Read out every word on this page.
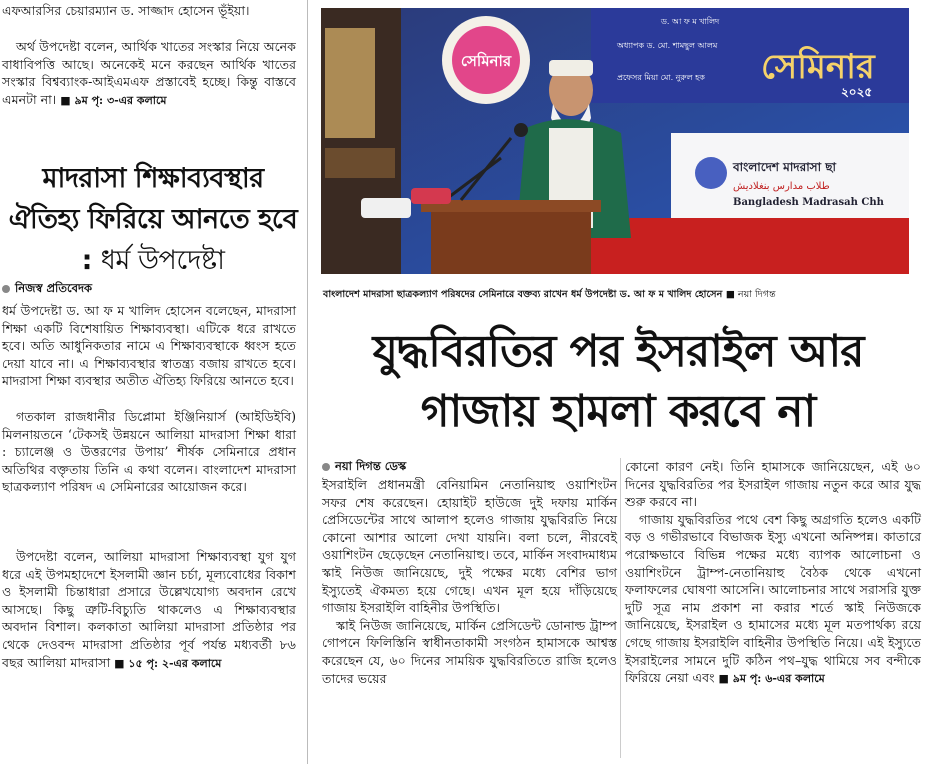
এফআরসির চেয়ারম্যান ড. সাজ্জাদ হোসেন ভূঁইয়া।

অর্থ উপদেষ্টা বলেন, আর্থিক খাতের সংস্কার নিয়ে অনেক বাধাবিপত্তি আছে। অনেকেই মনে করছেন আর্থিক খাতের সংস্কার বিশ্বব্যাংক-আইএমএফ প্রস্তাবেই হচ্ছে। কিন্তু বাস্তবে এমনটা না। ■ ৯ম পৃ: ৩-এর কলামে

মাদরাসা শিক্ষাব্যবস্থার ঐতিহ্য ফিরিয়ে আনতে হবে : ধর্ম উপদেষ্টা
নিজস্ব প্রতিবেদক

ধর্ম উপদেষ্টা ড. আ ফ ম খালিদ হোসেন বলেছেন, মাদরাসা শিক্ষা একটি বিশেষায়িত শিক্ষাব্যবস্থা। এটিকে ধরে রাখতে হবে। অতি আধুনিকতার নামে এ শিক্ষাব্যবস্থাকে ধ্বংস হতে দেয়া যাবে না। এ শিক্ষাব্যবস্থার স্বাতন্ত্র্য বজায় রাখতে হবে। মাদরাসা শিক্ষা ব্যবস্থার অতীত ঐতিহ্য ফিরিয়ে আনতে হবে।

গতকাল রাজধানীর ডিপ্লোমা ইঞ্জিনিয়ার্স (আইডিইবি) মিলনায়তনে ‘টেকসই উন্নয়নে আলিয়া মাদরাসা শিক্ষা ধারা : চ্যালেঞ্জ ও উত্তরণের উপায়’ শীর্ষক সেমিনারে প্রধান অতিথির বক্তৃতায় তিনি এ কথা বলেন। বাংলাদেশ মাদরাসা ছাত্রকল্যাণ পরিষদ এ সেমিনারের আয়োজন করে।

উপদেষ্টা বলেন, আলিয়া মাদরাসা শিক্ষাব্যবস্থা যুগ যুগ ধরে এই উপমহাদেশে ইসলামী জ্ঞান চর্চা, মূল্যবোধের বিকাশ ও ইসলামী চিন্তাধারা প্রসারে উল্লেখযোগ্য অবদান রেখে আসছে। কিছু ত্রুটি-বিচ্যুতি থাকলেও এ শিক্ষাব্যবস্থার অবদান বিশাল। কলকাতা আলিয়া মাদরাসা প্রতিষ্ঠার পর থেকে দেওবন্দ মাদরাসা প্রতিষ্ঠার পূর্ব পর্যন্ত মধ্যবর্তী ৮৬ বছর আলিয়া মাদরাসা ■ ১৫ পৃ: ২-এর কলামে

সেমিনার
ড. আ ফ ম খালিদ
অধ্যাপক ড. মো. শামছুল আলম
প্রফেসর মিয়া মো. নুরুল হক সেমিনার
২০২৫
বাংলাদেশ মাদরাসা ছা
طلاب مدارس بنغلاديش
Bangladesh Madrasah Chh
বাংলাদেশ মাদরাসা ছাত্রকল্যাণ পরিষদের সেমিনারে বক্তব্য রাখেন ধর্ম উপদেষ্টা ড. আ ফ ম খালিদ হোসেন ■ নয়া দিগন্ত
যুদ্ধবিরতির পর ইসরাইল আর গাজায় হামলা করবে না
নয়া দিগন্ত ডেস্ক

ইসরাইলি প্রধানমন্ত্রী বেনিয়ামিন নেতানিয়াহু ওয়াশিংটন সফর শেষ করেছেন। হোয়াইট হাউজে দুই দফায় মার্কিন প্রেসিডেন্টের সাথে আলাপ হলেও গাজায় যুদ্ধবিরতি নিয়ে কোনো আশার আলো দেখা যায়নি। বলা চলে, নীরবেই ওয়াশিংটন ছেড়েছেন নেতানিয়াহু। তবে, মার্কিন সংবাদমাধ্যম স্কাই নিউজ জানিয়েছে, দুই পক্ষের মধ্যে বেশির ভাগ ইস্যুতেই ঐকমত্য হয়ে গেছে। এখন মূল হয়ে দাঁড়িয়েছে গাজায় ইসরাইলি বাহিনীর উপস্থিতি।

স্কাই নিউজ জানিয়েছে, মার্কিন প্রেসিডেন্ট ডোনাল্ড ট্রাম্প গোপনে ফিলিস্তিনি স্বাধীনতাকামী সংগঠন হামাসকে আশ্বস্ত করেছেন যে, ৬০ দিনের সাময়িক যুদ্ধবিরতিতে রাজি হলেও তাদের ভয়ের

কোনো কারণ নেই। তিনি হামাসকে জানিয়েছেন, এই ৬০ দিনের যুদ্ধবিরতির পর ইসরাইল গাজায় নতুন করে আর যুদ্ধ শুরু করবে না।

গাজায় যুদ্ধবিরতির পথে বেশ কিছু অগ্রগতি হলেও একটি বড় ও গভীরভাবে বিভাজক ইস্যু এখনো অনিষ্পন্ন। কাতারে পরোক্ষভাবে বিভিন্ন পক্ষের মধ্যে ব্যাপক আলোচনা ও ওয়াশিংটনে ট্রাম্প-নেতানিয়াহু বৈঠক থেকে এখনো ফলাফলের ঘোষণা আসেনি। আলোচনার সাথে সরাসরি যুক্ত দুটি সূত্র নাম প্রকাশ না করার শর্তে স্কাই নিউজকে জানিয়েছে, ইসরাইল ও হামাসের মধ্যে মূল মতপার্থক্য রয়ে গেছে গাজায় ইসরাইলি বাহিনীর উপস্থিতি নিয়ে। এই ইস্যুতে ইসরাইলের সামনে দুটি কঠিন পথ–যুদ্ধ থামিয়ে সব বন্দীকে ফিরিয়ে নেয়া এবং ■ ৯ম পৃ: ৬-এর কলামে
